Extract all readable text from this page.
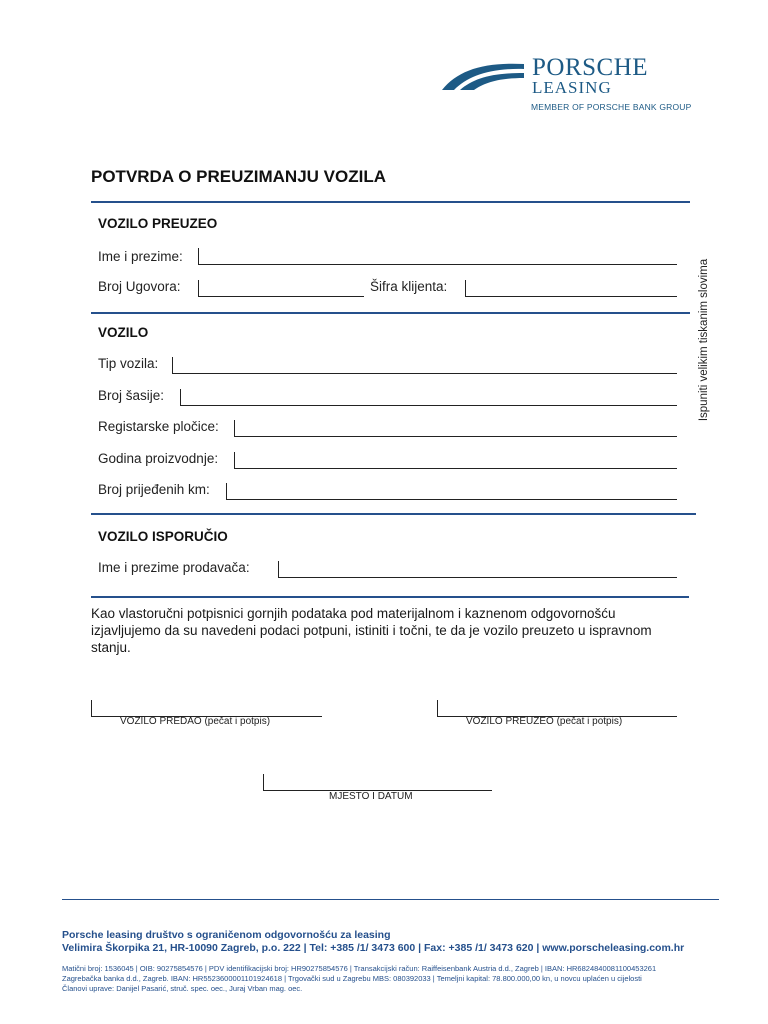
PORSCHE
LEASING
MEMBER OF PORSCHE BANK GROUP
POTVRDA O PREUZIMANJU VOZILA
VOZILO PREUZEO
Ime i prezime:
Broj Ugovora:	Šifra klijenta:
VOZILO
Tip vozila:
Broj šasije:
Registarske pločice:
Godina proizvodnje:
Broj prijeđenih km:
VOZILO ISPORUČIO
Ime i prezime prodavača:
Ispuniti velikim tiskanim slovima
Kao vlastoručni potpisnici gornjih podataka pod materijalnom i kaznenom odgovornošću izjavljujemo da su navedeni podaci potpuni, istiniti i točni, te da je vozilo preuzeto u ispravnom stanju.
VOZILO PREDAO (pečat i potpis)	VOZILO PREUZEO (pečat i potpis)
MJESTO I DATUM
Porsche leasing društvo s ograničenom odgovornošću za leasing
Velimira Škorpika 21, HR-10090 Zagreb, p.o. 222 | Tel: +385 /1/ 3473 600 | Fax: +385 /1/ 3473 620 | www.porscheleasing.com.hr
Matični broj: 1536045 | OIB: 90275854576 | PDV identifikacijski broj: HR90275854576 | Transakcijski račun: Raiffeisenbank Austria d.d., Zagreb | IBAN: HR6824840081100453261
Zagrebačka banka d.d., Zagreb. IBAN: HR5523600001101924618 | Trgovački sud u Zagrebu MBS: 080392033 | Temeljni kapital: 78.800.000,00 kn, u novcu uplaćen u cijelosti
Članovi uprave: Danijel Pasarić, struč. spec. oec., Juraj Vrban mag. oec.
